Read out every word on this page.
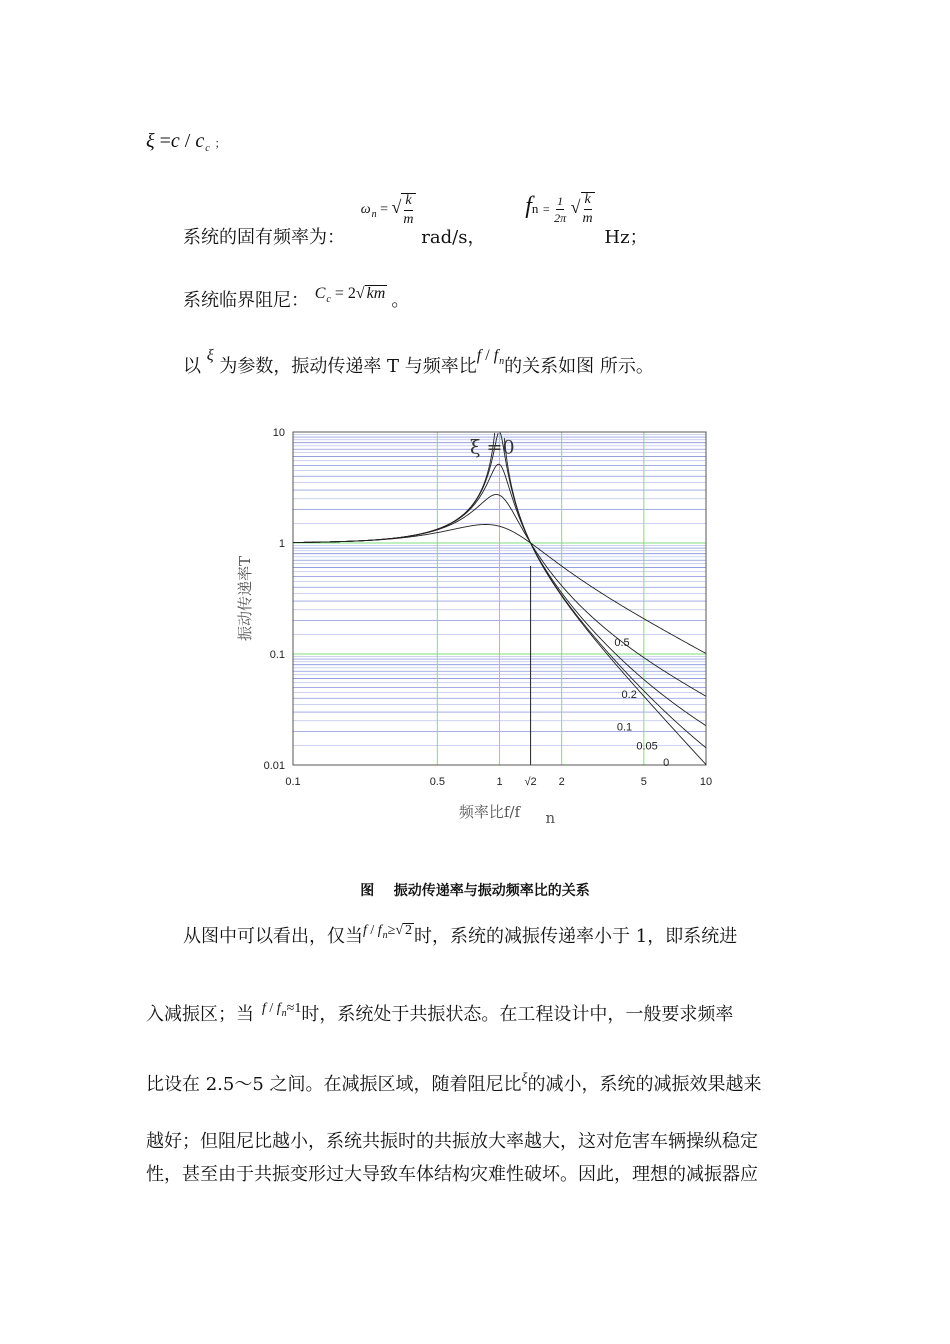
$\xi =c / c_c$ ；
系统的固有频率为： $\omega_n$ = √ $\frac{k}{m}$
rad/s， fn = $\frac{1}{2\pi}$ √ $\frac{k}{m}$
Hz；
系统临界阻尼： $C_c = 2√$ km 。
以 ξ 为参数，振动传递率 T 与频率比f / $f_n$的关系如图 所示。
0.1	0.5	1 √2 2	5	10
10
1
0.1
0.01
振动传递率T
频率比f/f n
ξ =0
0.5
0.2
0.1
0.05
0
图 振动传递率与振动频率比的关系
从图中可以看出，仅当$^{f / f_n\ge√ 2}$ 时，系统的减振传递率小于 1，即系统进
入减振区；当 $^{f / f_n\approx 1}$时，系统处于共振状态。在工程设计中，一般要求频率
比设在 2.5～5 之间。在减振区域，随着阻尼比$^\xi$的减小，系统的减振效果越来
越好；但阻尼比越小，系统共振时的共振放大率越大，这对危害车辆操纵稳定
性，甚至由于共振变形过大导致车体结构灾难性破坏。因此，理想的减振器应
